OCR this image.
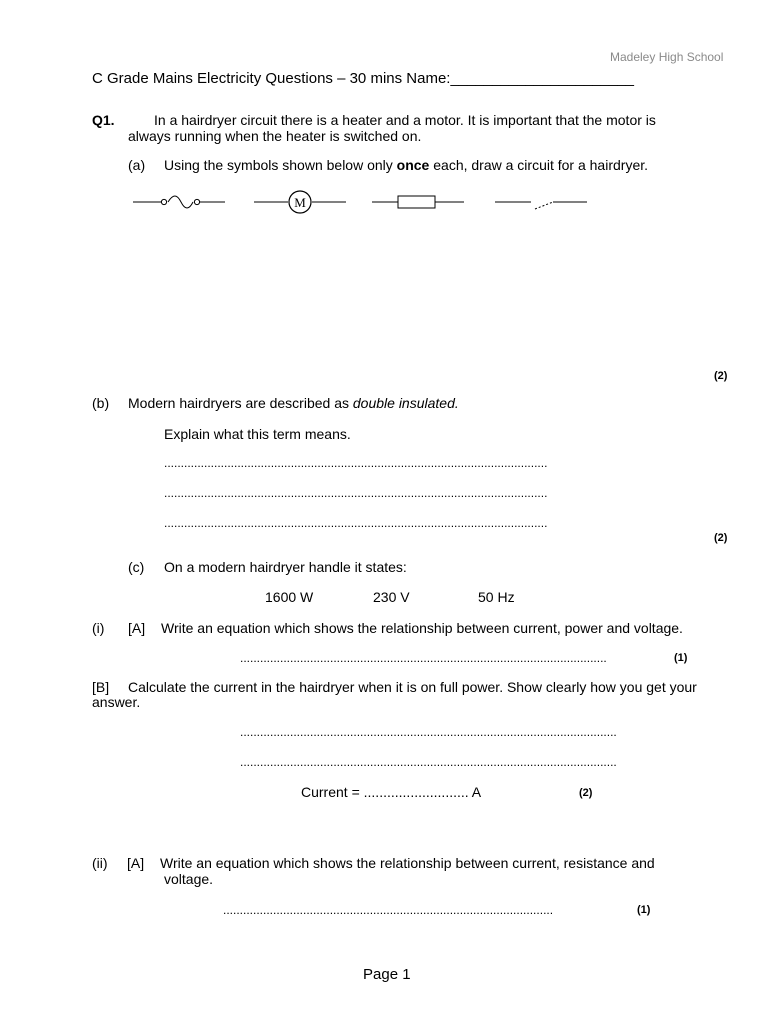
Madeley High School
C Grade Mains Electricity Questions – 30 mins Name:______________________
Q1.	In a hairdryer circuit there is a heater and a motor. It is important that the motor is
always running when the heater is switched on.
(a) Using the symbols shown below only once each, draw a circuit for a hairdryer.
M
(2)
(b) Modern hairdryers are described as double insulated.
Explain what this term means.
...................................................................................................................
...................................................................................................................
...................................................................................................................
(2)
(c) On a modern hairdryer handle it states:
1600 W	230 V	50 Hz
(i) [A] Write an equation which shows the relationship between current, power and voltage.
..............................................................................................................	(1)
[B] Calculate the current in the hairdryer when it is on full power. Show clearly how you get your
answer.
.................................................................................................................
.................................................................................................................
Current = ........................... A	(2)
(ii) [A] Write an equation which shows the relationship between current, resistance and
voltage.
...................................................................................................	(1)
Page 1
